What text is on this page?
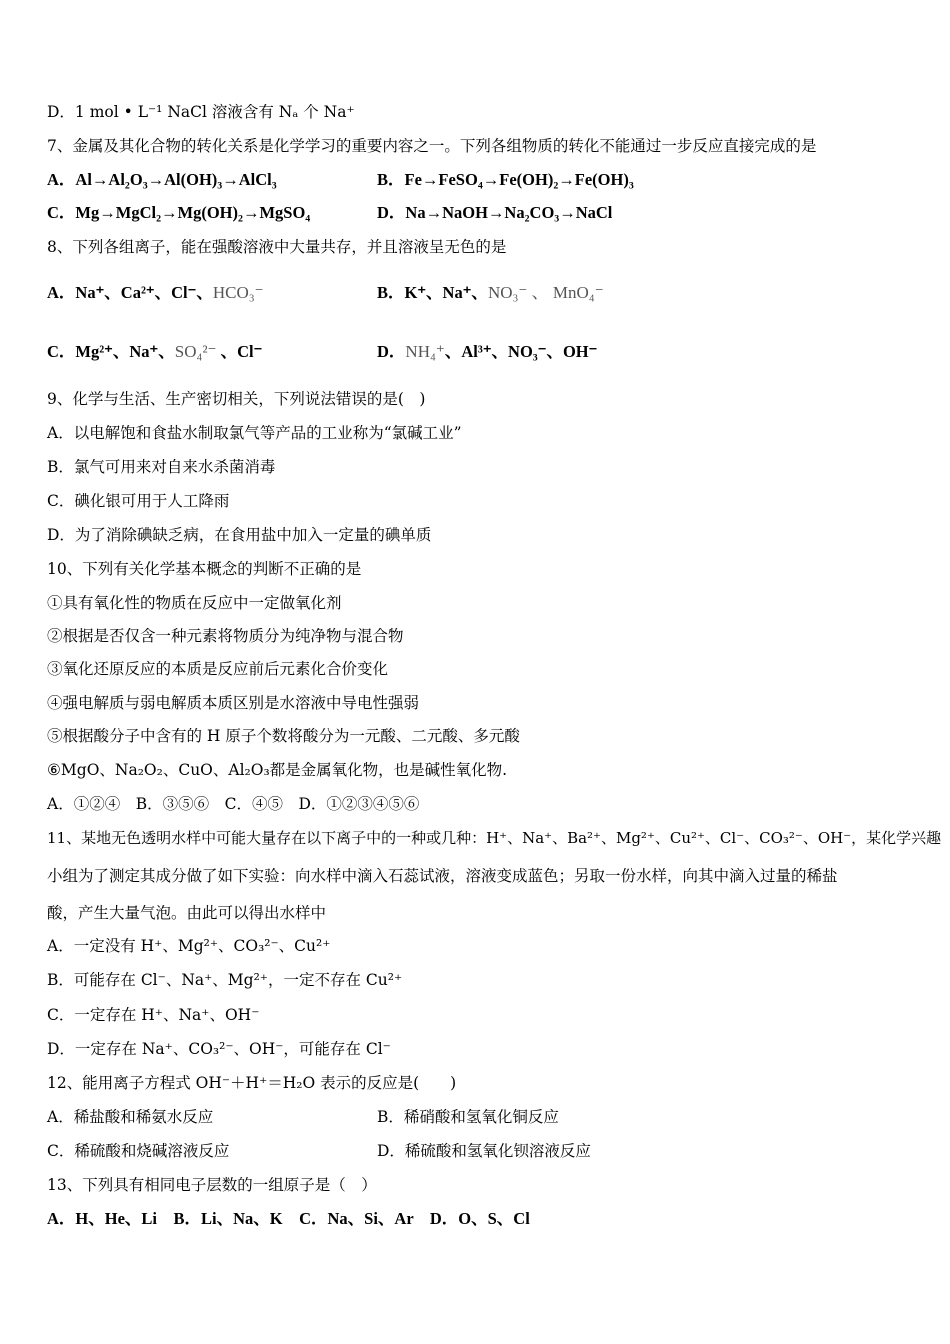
D．1 mol • L⁻¹ NaCl 溶液含有 Nₐ 个 Na⁺
7、金属及其化合物的转化关系是化学学习的重要内容之一。下列各组物质的转化不能通过一步反应直接完成的是
A．Al→Al₂O₃→Al(OH)₃→AlCl₃	B．Fe→FeSO₄→Fe(OH)₂→Fe(OH)₃
C．Mg→MgCl₂→Mg(OH)₂→MgSO₄	D．Na→NaOH→Na₂CO₃→NaCl
8、下列各组离子，能在强酸溶液中大量共存，并且溶液呈无色的是
A．Na⁺、Ca²⁺、Cl⁻、HCO₃⁻	B．K⁺、Na⁺、NO₃⁻ 、 MnO₄⁻
C．Mg²⁺、Na⁺、SO₄²⁻ 、Cl⁻	D．NH₄⁺、Al³⁺、NO₃⁻、OH⁻
9、化学与生活、生产密切相关，下列说法错误的是(　)
A．以电解饱和食盐水制取氯气等产品的工业称为“氯碱工业”
B．氯气可用来对自来水杀菌消毒
C．碘化银可用于人工降雨
D．为了消除碘缺乏病，在食用盐中加入一定量的碘单质
10、下列有关化学基本概念的判断不正确的是
①具有氧化性的物质在反应中一定做氧化剂
②根据是否仅含一种元素将物质分为纯净物与混合物
③氧化还原反应的本质是反应前后元素化合价变化
④强电解质与弱电解质本质区别是水溶液中导电性强弱
⑤根据酸分子中含有的 H 原子个数将酸分为一元酸、二元酸、多元酸
⑥MgO、Na₂O₂、CuO、Al₂O₃都是金属氧化物，也是碱性氧化物.
A．①②④　B．③⑤⑥　C．④⑤　D．①②③④⑤⑥
11、某地无色透明水样中可能大量存在以下离子中的一种或几种：H⁺、Na⁺、Ba²⁺、Mg²⁺、Cu²⁺、Cl⁻、CO₃²⁻、OH⁻，某化学兴趣
小组为了测定其成分做了如下实验：向水样中滴入石蕊试液，溶液变成蓝色；另取一份水样，向其中滴入过量的稀盐
酸，产生大量气泡。由此可以得出水样中
A．一定没有 H⁺、Mg²⁺、CO₃²⁻、Cu²⁺
B．可能存在 Cl⁻、Na⁺、Mg²⁺，一定不存在 Cu²⁺
C．一定存在 H⁺、Na⁺、OH⁻
D．一定存在 Na⁺、CO₃²⁻、OH⁻，可能存在 Cl⁻
12、能用离子方程式 OH⁻＋H⁺＝H₂O 表示的反应是(　　)
A．稀盐酸和稀氨水反应	B．稀硝酸和氢氧化铜反应
C．稀硫酸和烧碱溶液反应	D．稀硫酸和氢氧化钡溶液反应
13、下列具有相同电子层数的一组原子是（　）
A．H、He、Li　B．Li、Na、K　C．Na、Si、Ar　D．O、S、Cl
